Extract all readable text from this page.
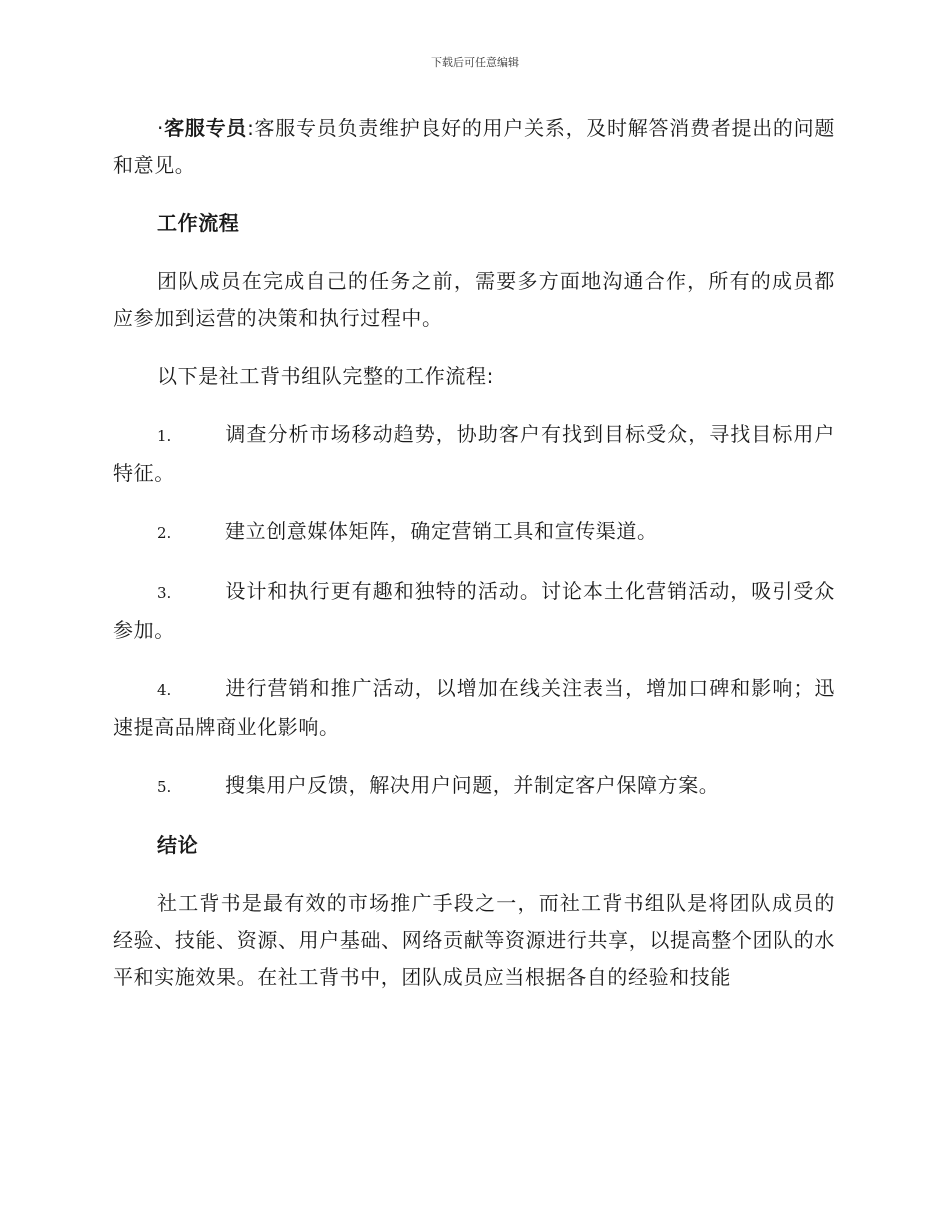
下载后可任意编辑

·客服专员:客服专员负责维护良好的用户关系，及时解答消费者提出的问题和意见。

工作流程

团队成员在完成自己的任务之前，需要多方面地沟通合作，所有的成员都应参加到运营的决策和执行过程中。

以下是社工背书组队完整的工作流程:

1.	调查分析市场移动趋势，协助客户有找到目标受众，寻找目标用户特征。

2.	建立创意媒体矩阵，确定营销工具和宣传渠道。

3.	设计和执行更有趣和独特的活动。讨论本土化营销活动，吸引受众参加。

4.	进行营销和推广活动，以增加在线关注表当，增加口碑和影响；迅速提高品牌商业化影响。

5.	搜集用户反馈，解决用户问题，并制定客户保障方案。

结论

社工背书是最有效的市场推广手段之一，而社工背书组队是将团队成员的经验、技能、资源、用户基础、网络贡献等资源进行共享，以提高整个团队的水平和实施效果。在社工背书中，团队成员应当根据各自的经验和技能
